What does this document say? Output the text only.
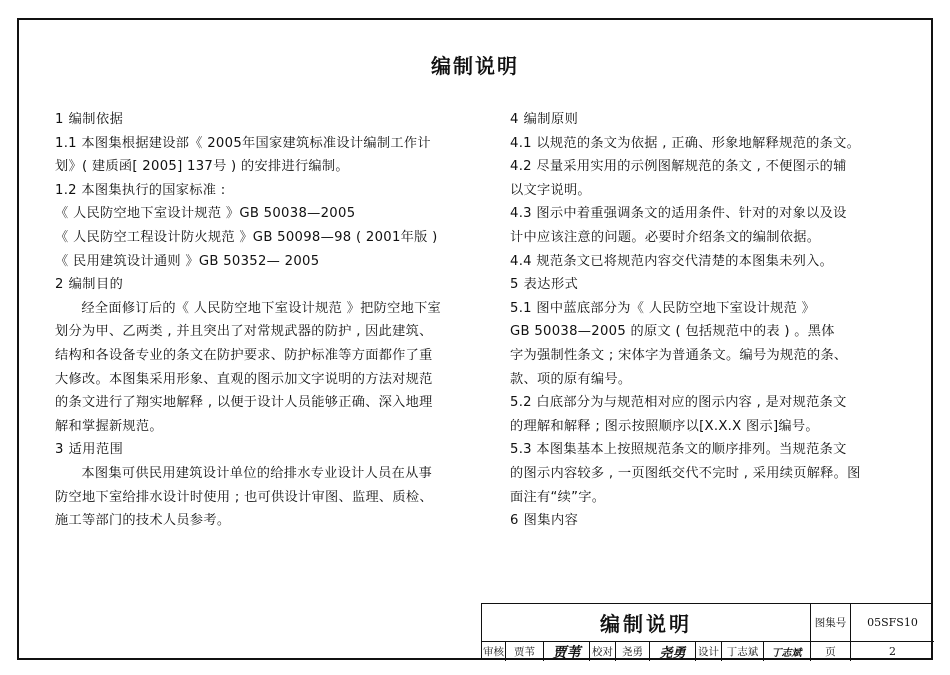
编制说明

1 编制依据

1.1 本图集根据建设部《 2005年国家建筑标准设计编制工作计

划》( 建质函[ 2005] 137号 ) 的安排进行编制。

1.2 本图集执行的国家标准 :

《 人民防空地下室设计规范 》GB 50038—2005

《 人民防空工程设计防火规范 》GB 50098—98 ( 2001年版 )

《 民用建筑设计通则 》GB 50352— 2005

2 编制目的

经全面修订后的《 人民防空地下室设计规范 》把防空地下室

划分为甲、乙两类 , 并且突出了对常规武器的防护 , 因此建筑、

结构和各设备专业的条文在防护要求、防护标准等方面都作了重

大修改。本图集采用形象、直观的图示加文字说明的方法对规范

的条文进行了翔实地解释 , 以便于设计人员能够正确、深入地理

解和掌握新规范。

3 适用范围

本图集可供民用建筑设计单位的给排水专业设计人员在从事

防空地下室给排水设计时使用 ; 也可供设计审图、监理、质检、

施工等部门的技术人员参考。

4 编制原则

4.1 以规范的条文为依据 , 正确、形象地解释规范的条文。

4.2 尽量采用实用的示例图解规范的条文 , 不便图示的辅

以文字说明。

4.3 图示中着重强调条文的适用条件、针对的对象以及设

计中应该注意的问题。必要时介绍条文的编制依据。

4.4 规范条文已将规范内容交代清楚的本图集未列入。

5 表达形式

5.1 图中蓝底部分为《 人民防空地下室设计规范 》

GB 50038—2005 的原文 ( 包括规范中的表 ) 。黑体

字为强制性条文 ; 宋体字为普通条文。编号为规范的条、

款、项的原有编号。

5.2 白底部分为与规范相对应的图示内容 , 是对规范条文

的理解和解释 ; 图示按照顺序以[X.X.X 图示]编号。

5.3 本图集基本上按照规范条文的顺序排列。当规范条文

的图示内容较多 , 一页图纸交代不完时 , 采用续页解释。图

面注有“续”字。

6 图集内容

编制说明
审核 贾苇	贾苇	校对 尧勇	尧勇	设计 丁志斌	丁志斌
图集号	05SFS10
页	2
